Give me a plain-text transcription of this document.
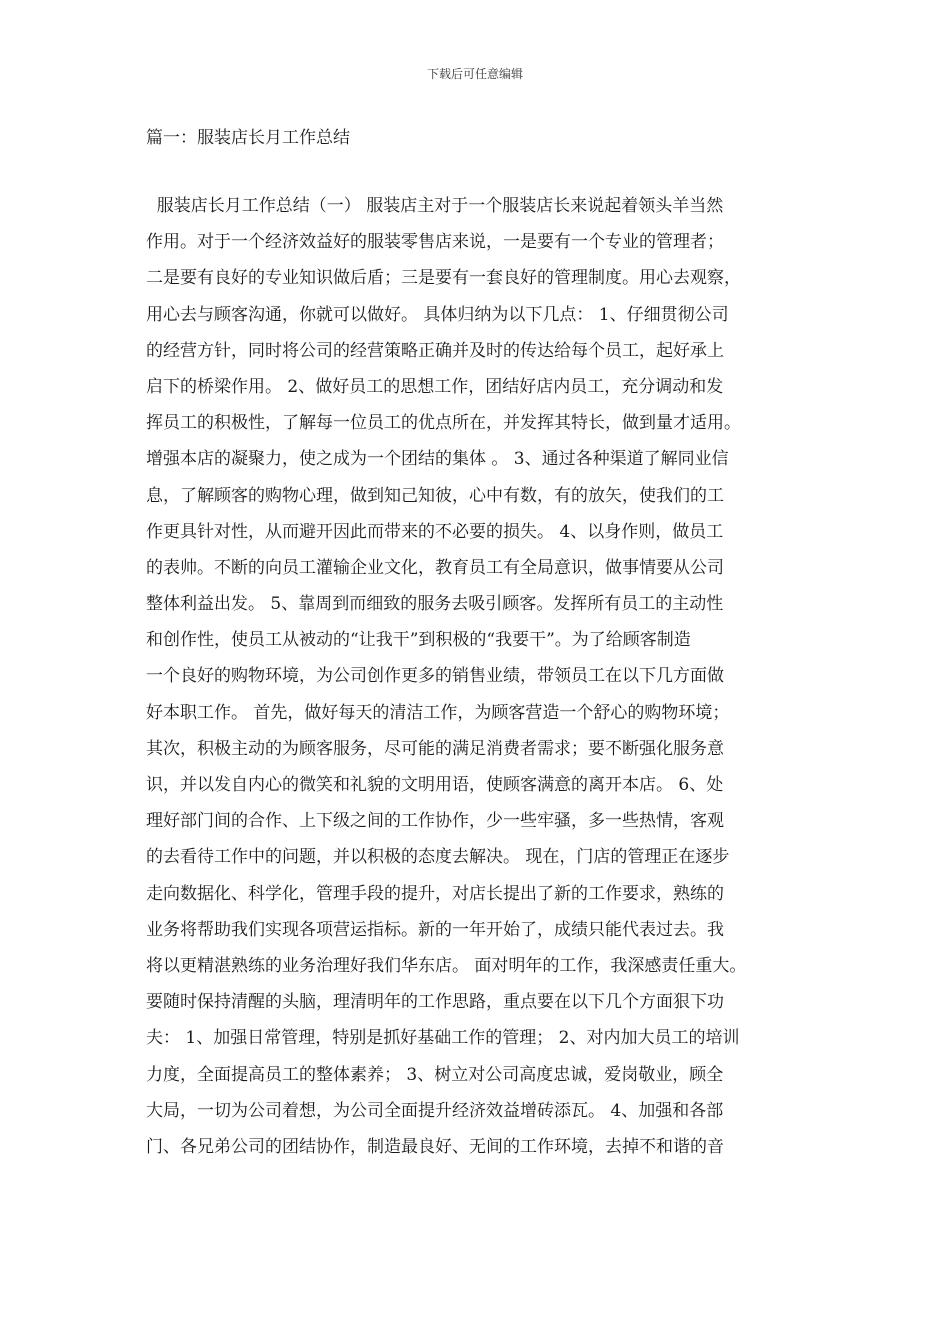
下载后可任意编辑
篇一：服装店长月工作总结
服装店长月工作总结（一） 服装店主对于一个服装店长来说起着领头羊当然
作用。对于一个经济效益好的服装零售店来说，一是要有一个专业的管理者；
二是要有良好的专业知识做后盾；三是要有一套良好的管理制度。用心去观察，
用心去与顾客沟通，你就可以做好。 具体归纳为以下几点： 1、仔细贯彻公司
的经营方针，同时将公司的经营策略正确并及时的传达给每个员工，起好承上
启下的桥梁作用。 2、做好员工的思想工作，团结好店内员工，充分调动和发
挥员工的积极性，了解每一位员工的优点所在，并发挥其特长，做到量才适用。
增强本店的凝聚力，使之成为一个团结的集体 。 3、通过各种渠道了解同业信
息，了解顾客的购物心理，做到知己知彼，心中有数，有的放矢，使我们的工
作更具针对性，从而避开因此而带来的不必要的损失。 4、以身作则，做员工
的表帅。不断的向员工灌输企业文化，教育员工有全局意识，做事情要从公司
整体利益出发。 5、靠周到而细致的服务去吸引顾客。发挥所有员工的主动性
和创作性，使员工从被动的“让我干”到积极的“我要干”。为了给顾客制造
一个良好的购物环境，为公司创作更多的销售业绩，带领员工在以下几方面做
好本职工作。 首先，做好每天的清洁工作，为顾客营造一个舒心的购物环境；
其次，积极主动的为顾客服务，尽可能的满足消费者需求；要不断强化服务意
识，并以发自内心的微笑和礼貌的文明用语，使顾客满意的离开本店。 6、处
理好部门间的合作、上下级之间的工作协作，少一些牢骚，多一些热情，客观
的去看待工作中的问题，并以积极的态度去解决。 现在，门店的管理正在逐步
走向数据化、科学化，管理手段的提升，对店长提出了新的工作要求，熟练的
业务将帮助我们实现各项营运指标。新的一年开始了，成绩只能代表过去。我
将以更精湛熟练的业务治理好我们华东店。 面对明年的工作，我深感责任重大。
要随时保持清醒的头脑，理清明年的工作思路，重点要在以下几个方面狠下功
夫： 1、加强日常管理，特别是抓好基础工作的管理； 2、对内加大员工的培训
力度，全面提高员工的整体素养； 3、树立对公司高度忠诚，爱岗敬业，顾全
大局，一切为公司着想，为公司全面提升经济效益增砖添瓦。 4、加强和各部
门、各兄弟公司的团结协作，制造最良好、无间的工作环境，去掉不和谐的音
